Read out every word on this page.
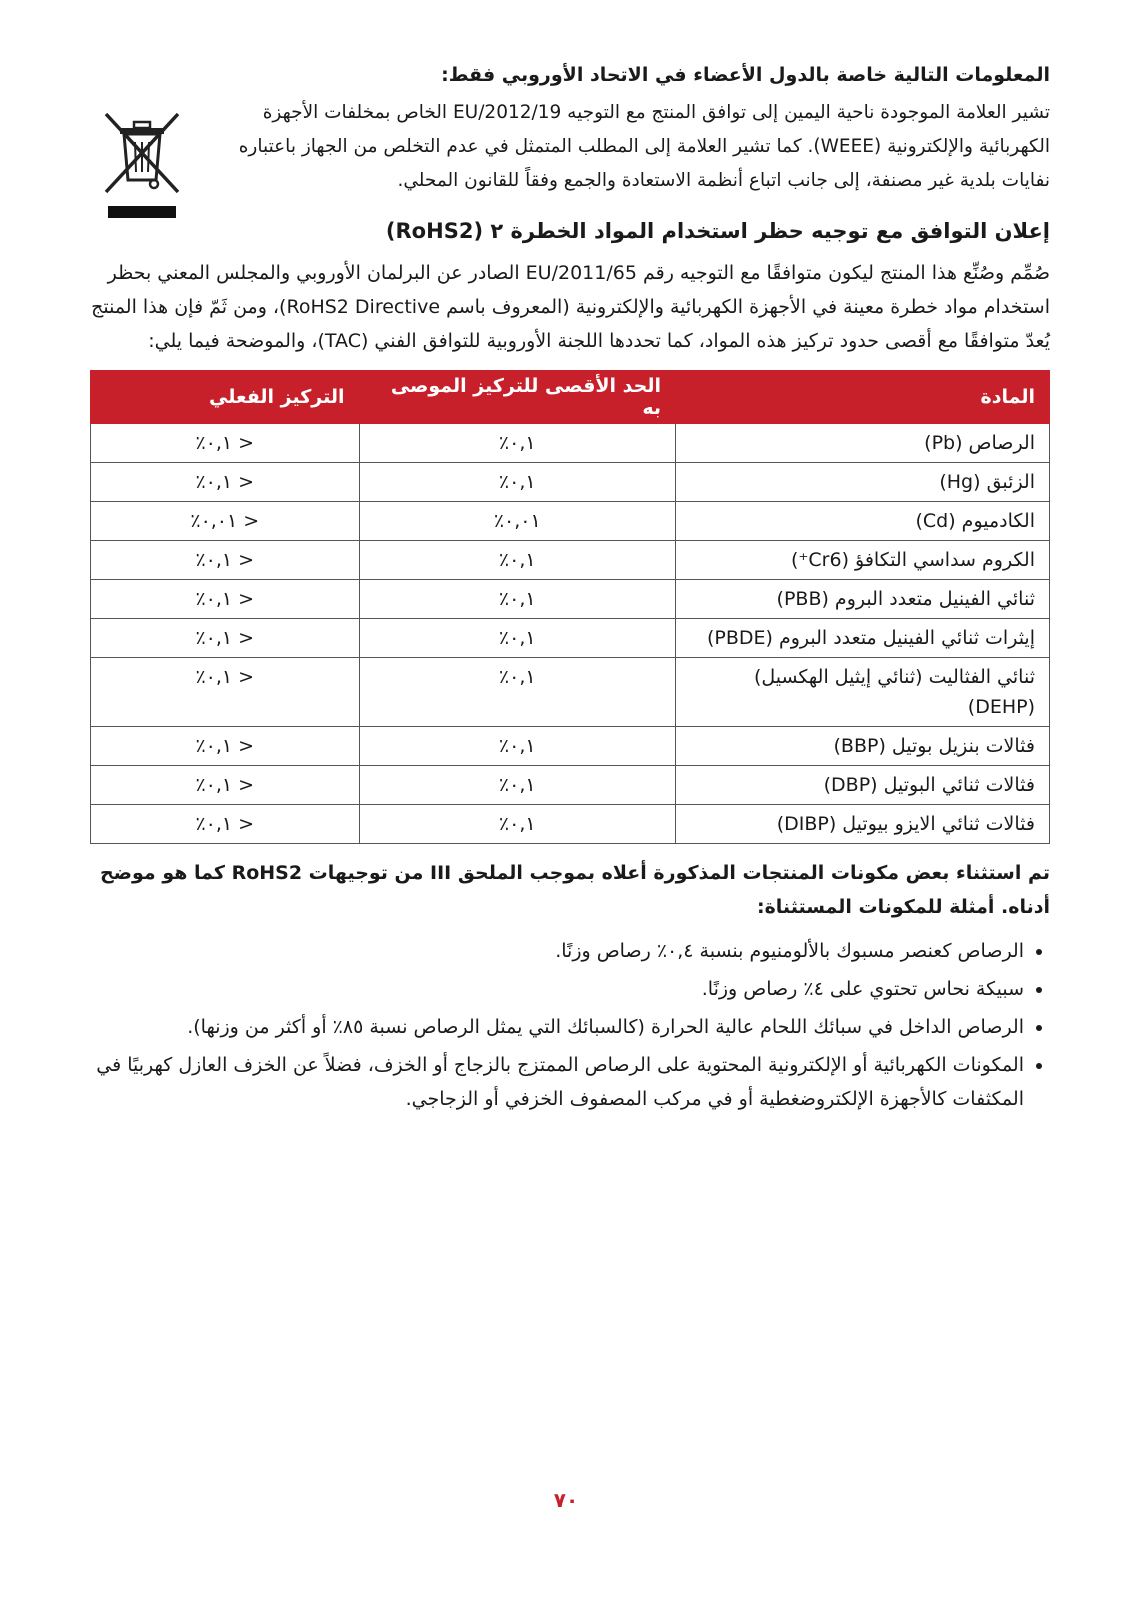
المعلومات التالية خاصة بالدول الأعضاء في الاتحاد الأوروبي فقط:

تشير العلامة الموجودة ناحية اليمين إلى توافق المنتج مع التوجيه 2012/19/EU الخاص بمخلفات الأجهزة الكهربائية والإلكترونية (WEEE). كما تشير العلامة إلى المطلب المتمثل في عدم التخلص من الجهاز باعتباره نفايات بلدية غير مصنفة، إلى جانب اتباع أنظمة الاستعادة والجمع وفقاً للقانون المحلي.

إعلان التوافق مع توجيه حظر استخدام المواد الخطرة ٢ (RoHS2)

صُمِّم وصُنِّع هذا المنتج ليكون متوافقًا مع التوجيه رقم 2011/65/EU الصادر عن البرلمان الأوروبي والمجلس المعني بحظر استخدام مواد خطرة معينة في الأجهزة الكهربائية والإلكترونية (المعروف باسم RoHS2 Directive)، ومن ثَمّ فإن هذا المنتج يُعدّ متوافقًا مع أقصى حدود تركيز هذه المواد، كما تحددها اللجنة الأوروبية للتوافق الفني (TAC)، والموضحة فيما يلي:

المادة	الحد الأقصى للتركيز الموصى به	التركيز الفعلي
الرصاص (Pb)	٠,١٪	< ٠,١٪
الزئبق (Hg)	٠,١٪	< ٠,١٪
الكادميوم (Cd)	٠,٠١٪	< ٠,٠١٪
الكروم سداسي التكافؤ (Cr6⁺)	٠,١٪	< ٠,١٪
ثنائي الفينيل متعدد البروم (PBB)	٠,١٪	< ٠,١٪
إيثرات ثنائي الفينيل متعدد البروم (PBDE)	٠,١٪	< ٠,١٪
ثنائي الفثاليت (ثنائي إيثيل الهكسيل) (DEHP)	٠,١٪	< ٠,١٪
فثالات بنزيل بوتيل (BBP)	٠,١٪	< ٠,١٪
فثالات ثنائي البوتيل (DBP)	٠,١٪	< ٠,١٪
فثالات ثنائي الايزو بيوتيل (DIBP)	٠,١٪	< ٠,١٪
تم استثناء بعض مكونات المنتجات المذكورة أعلاه بموجب الملحق III من توجيهات RoHS2 كما هو موضح أدناه. أمثلة للمكونات المستثناة:
• الرصاص كعنصر مسبوك بالألومنيوم بنسبة ٠,٤٪ رصاص وزنًا.
• سبيكة نحاس تحتوي على ٤٪ رصاص وزنًا.
• الرصاص الداخل في سبائك اللحام عالية الحرارة (كالسبائك التي يمثل الرصاص نسبة ٨٥٪ أو أكثر من وزنها).
• المكونات الكهربائية أو الإلكترونية المحتوية على الرصاص الممتزج بالزجاج أو الخزف، فضلاً عن الخزف العازل كهربيًا في المكثفات كالأجهزة الإلكتروضغطية أو في مركب المصفوف الخزفي أو الزجاجي.
٧٠
